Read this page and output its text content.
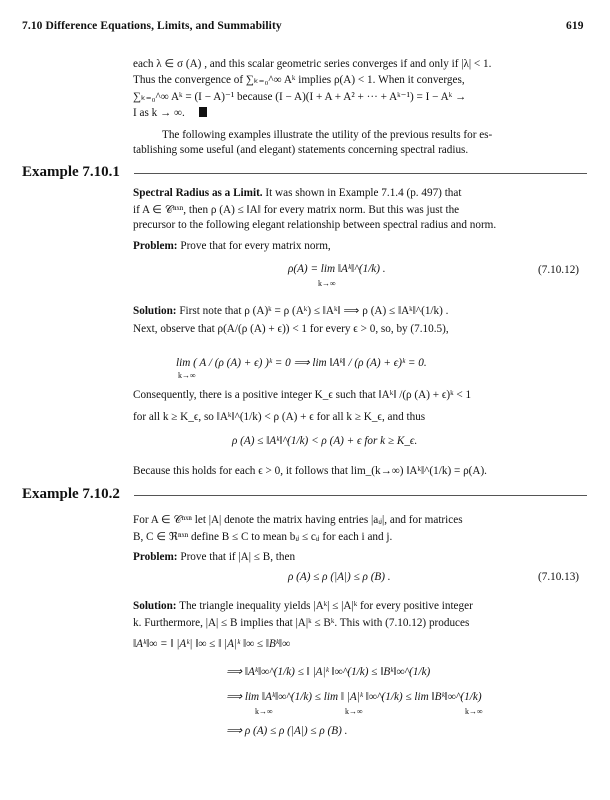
7.10 Difference Equations, Limits, and Summability	619
each λ ∈ σ (A) , and this scalar geometric series converges if and only if |λ| < 1.
Thus the convergence of ∑ₖ₌₀^∞ Aᵏ implies ρ(A) < 1. When it converges,
∑ₖ₌₀^∞ Aᵏ = (I − A)⁻¹ because (I − A)(I + A + A² + ··· + Aᵏ⁻¹) = I − Aᵏ →
I as k → ∞.
The following examples illustrate the utility of the previous results for es-
tablishing some useful (and elegant) statements concerning spectral radius.
Example 7.10.1
Spectral Radius as a Limit. It was shown in Example 7.1.4 (p. 497) that
if A ∈ 𝒞ⁿˣⁿ, then ρ (A) ≤ ‖A‖ for every matrix norm. But this was just the
precursor to the following elegant relationship between spectral radius and norm.
Problem: Prove that for every matrix norm,
ρ(A) = lim ‖Aᵏ‖^(1/k) .
k→∞
(7.10.12)
Solution: First note that ρ (A)ᵏ = ρ (Aᵏ) ≤ ‖Aᵏ‖ ⟹ ρ (A) ≤ ‖Aᵏ‖^(1/k) .
Next, observe that ρ(A/(ρ (A) + ϵ)) < 1 for every ϵ > 0, so, by (7.10.5),
lim ( A / (ρ (A) + ϵ) )ᵏ = 0 ⟹ lim ‖Aᵏ‖ / (ρ (A) + ϵ)ᵏ = 0.
k→∞
Consequently, there is a positive integer K_ϵ such that ‖Aᵏ‖ /(ρ (A) + ϵ)ᵏ < 1
for all k ≥ K_ϵ, so ‖Aᵏ‖^(1/k) < ρ (A) + ϵ for all k ≥ K_ϵ, and thus
ρ (A) ≤ ‖Aᵏ‖^(1/k) < ρ (A) + ϵ for k ≥ K_ϵ.
Because this holds for each ϵ > 0, it follows that lim_(k→∞) ‖Aᵏ‖^(1/k) = ρ(A).
Example 7.10.2
For A ∈ 𝒞ⁿˣⁿ let |A| denote the matrix having entries |aᵢⱼ|, and for matrices
B, C ∈ ℜⁿˣⁿ define B ≤ C to mean bᵢⱼ ≤ cᵢⱼ for each i and j.
Problem: Prove that if |A| ≤ B, then
ρ (A) ≤ ρ (|A|) ≤ ρ (B) .	(7.10.13)
Solution: The triangle inequality yields |Aᵏ| ≤ |A|ᵏ for every positive integer
k. Furthermore, |A| ≤ B implies that |A|ᵏ ≤ Bᵏ. This with (7.10.12) produces
‖Aᵏ‖∞ = ‖ |Aᵏ| ‖∞ ≤ ‖ |A|ᵏ ‖∞ ≤ ‖Bᵏ‖∞
⟹ ‖Aᵏ‖∞^(1/k) ≤ ‖ |A|ᵏ ‖∞^(1/k) ≤ ‖Bᵏ‖∞^(1/k)
⟹ lim ‖Aᵏ‖∞^(1/k) ≤ lim ‖ |A|ᵏ ‖∞^(1/k) ≤ lim ‖Bᵏ‖∞^(1/k)
k→∞	k→∞	k→∞
⟹ ρ (A) ≤ ρ (|A|) ≤ ρ (B) .
